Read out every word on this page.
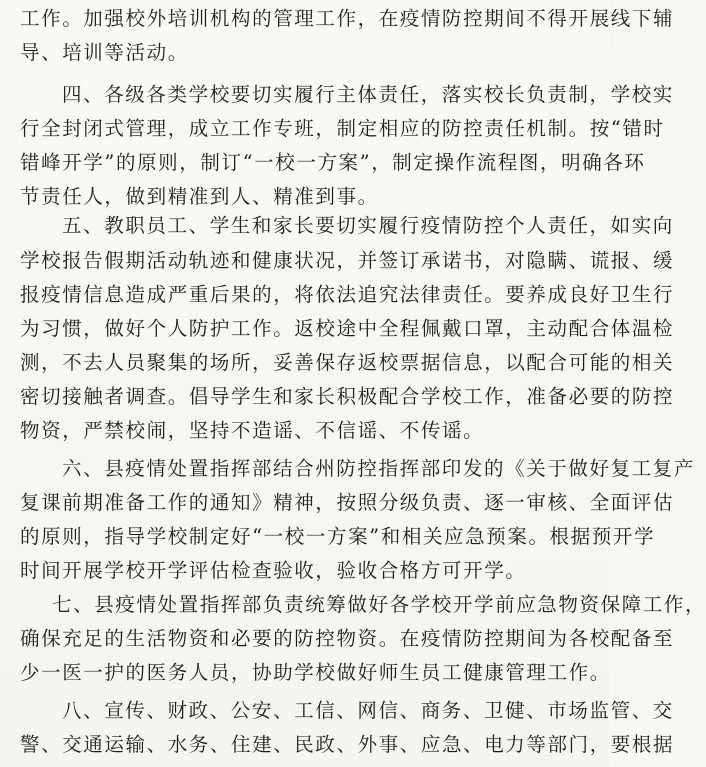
工作。加强校外培训机构的管理工作，在疫情防控期间不得开展线下辅
导、培训等活动。
四、各级各类学校要切实履行主体责任，落实校长负责制，学校实
行全封闭式管理，成立工作专班，制定相应的防控责任机制。按“错时
错峰开学”的原则，制订“一校一方案”，制定操作流程图，明确各环
节责任人，做到精准到人、精准到事。
五、教职员工、学生和家长要切实履行疫情防控个人责任，如实向
学校报告假期活动轨迹和健康状况，并签订承诺书，对隐瞒、谎报、缓
报疫情信息造成严重后果的，将依法追究法律责任。要养成良好卫生行
为习惯，做好个人防护工作。返校途中全程佩戴口罩，主动配合体温检
测，不去人员聚集的场所，妥善保存返校票据信息，以配合可能的相关
密切接触者调查。倡导学生和家长积极配合学校工作，准备必要的防控
物资，严禁校闹，坚持不造谣、不信谣、不传谣。
六、县疫情处置指挥部结合州防控指挥部印发的《关于做好复工复产
复课前期准备工作的通知》精神，按照分级负责、逐一审核、全面评估
的原则，指导学校制定好“一校一方案”和相关应急预案。根据预开学
时间开展学校开学评估检查验收，验收合格方可开学。
七、县疫情处置指挥部负责统筹做好各学校开学前应急物资保障工作，
确保充足的生活物资和必要的防控物资。在疫情防控期间为各校配备至
少一医一护的医务人员，协助学校做好师生员工健康管理工作。
八、宣传、财政、公安、工信、网信、商务、卫健、市场监管、交
警、交通运输、水务、住建、民政、外事、应急、电力等部门，要根据
